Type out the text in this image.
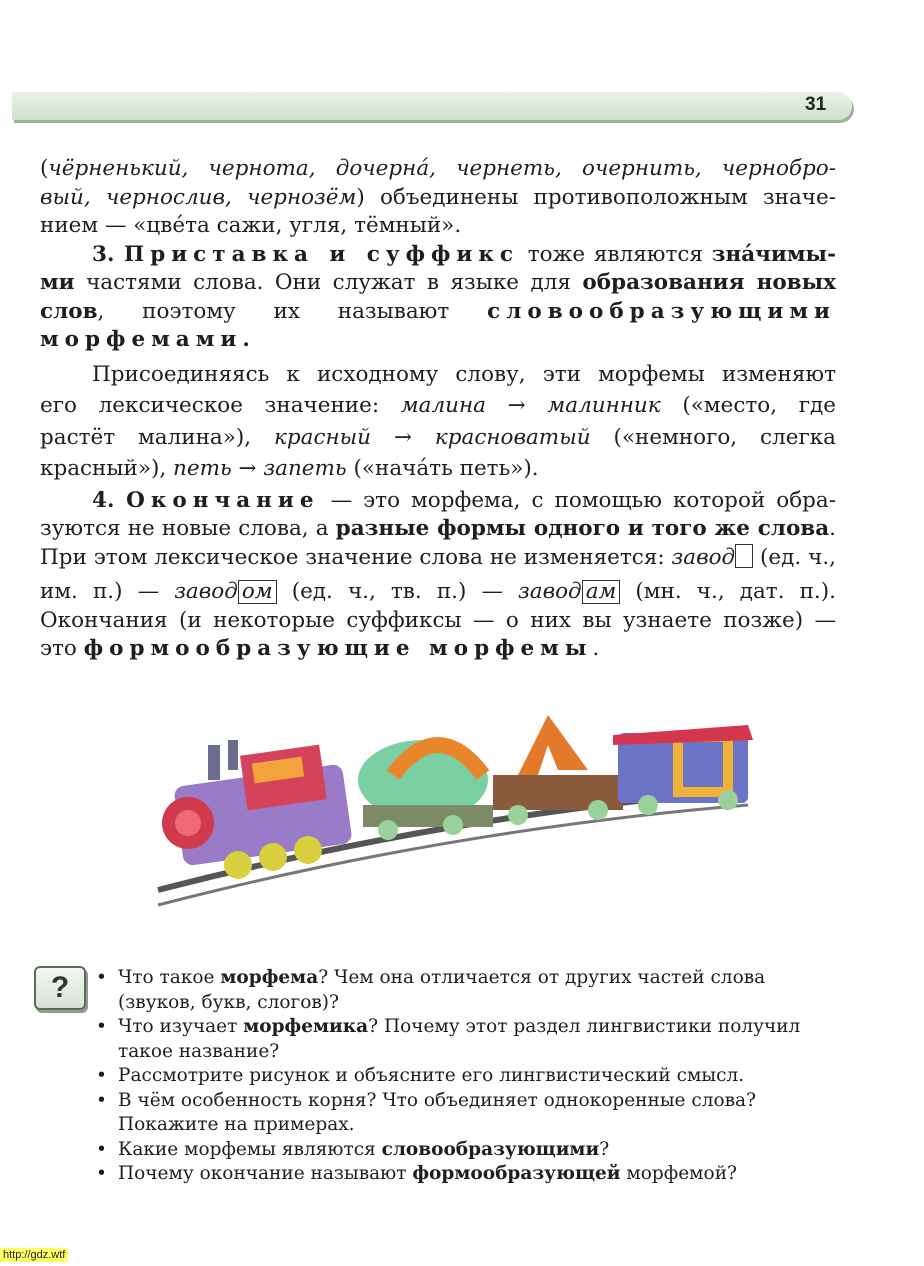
31
(чёрненький, чернота, дочерна́, чернеть, очернить, чернобро-
вый, чернослив, чернозём) объединены противоположным значе-
нием — «цве́та сажи, угля, тёмный».
3. Приставка и суффикс тоже являются зна́чимы-
ми частями слова. Они служат в языке для образования новых
слов, поэтому их называют словообразующими
морфемами.
Присоединяясь к исходному слову, эти морфемы изменяют
его лексическое значение: малина → малинник («место, где
растёт малина»), красный → красноватый («немного, слегка
красный»), петь → запеть («нача́ть петь»).
4. Окончание — это морфема, с помощью которой обра-
зуются не новые слова, а разные формы одного и того же слова.
При этом лексическое значение слова не изменяется: завод (ед. ч.,
им. п.) — завод ом (ед. ч., тв. п.) — завод ам (мн. ч., дат. п.).
Окончания (и некоторые суффиксы — о них вы узнаете позже) —
это формообразующие морфемы.
?
•	Что такое морфема? Чем она отличается от других частей слова (звуков, букв, слогов)?
• Что изучает морфемика? Почему этот раздел лингвистики получил такое название?
• Рассмотрите рисунок и объясните его лингвистический смысл.
• В чём особенность корня? Что объединяет однокоренные слова? Покажите на примерах.
• Какие морфемы являются словообразующими?
• Почему окончание называют формообразующей морфемой?
http://gdz.wtf
